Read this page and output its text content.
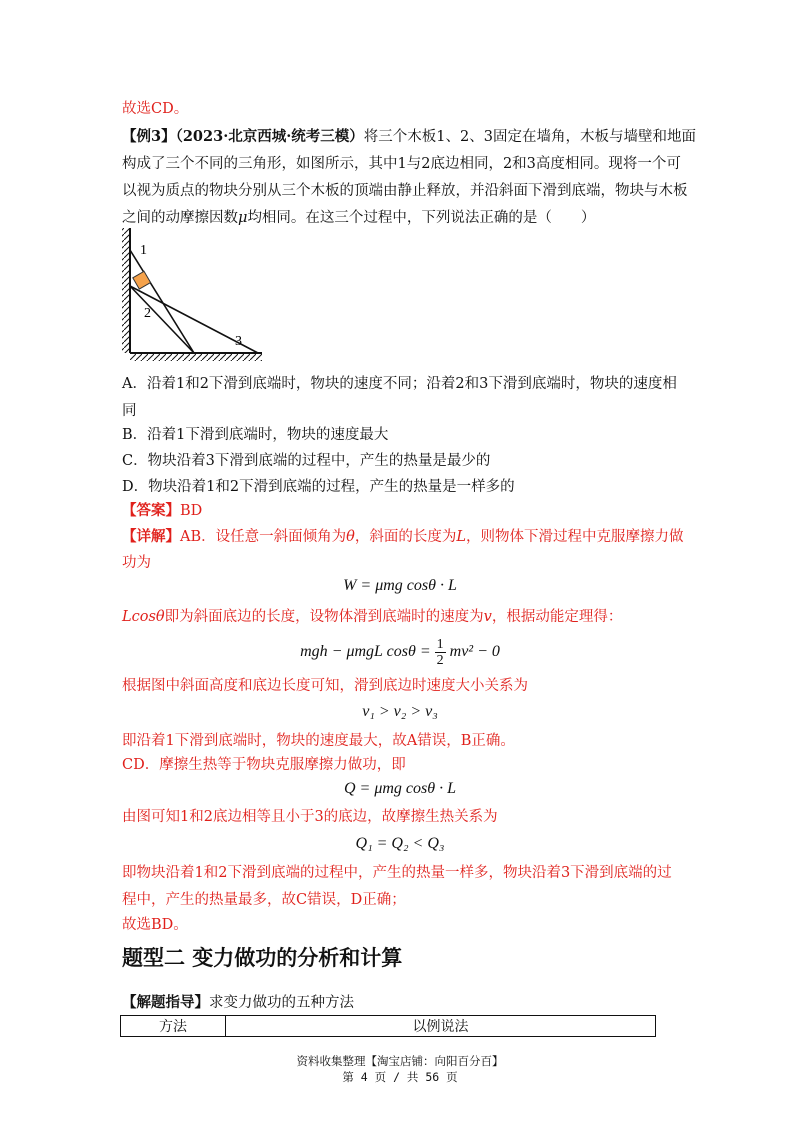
故选CD。
【例3】（2023·北京西城·统考三模）将三个木板1、2、3固定在墙角，木板与墙壁和地面
构成了三个不同的三角形，如图所示，其中1与2底边相同，2和3高度相同。现将一个可
以视为质点的物块分别从三个木板的顶端由静止释放，并沿斜面下滑到底端，物块与木板
之间的动摩擦因数μ均相同。在这三个过程中，下列说法正确的是（　　）
1
2
3
A．沿着1和2下滑到底端时，物块的速度不同；沿着2和3下滑到底端时，物块的速度相
同
B．沿着1下滑到底端时，物块的速度最大
C．物块沿着3下滑到底端的过程中，产生的热量是最少的
D．物块沿着1和2下滑到底端的过程，产生的热量是一样多的
【答案】BD
【详解】AB．设任意一斜面倾角为θ，斜面的长度为L，则物体下滑过程中克服摩擦力做
功为
W = μmg cosθ · L
Lcosθ即为斜面底边的长度，设物体滑到底端时的速度为v，根据动能定理得：
mgh − μmgL $\cos\theta = \frac{1}{2} mv^2 - 0$
根据图中斜面高度和底边长度可知，滑到底边时速度大小关系为
v₁ > v₂ > v₃
即沿着1下滑到底端时，物块的速度最大，故A错误，B正确。
CD．摩擦生热等于物块克服摩擦力做功，即
Q = μmg cosθ · L
由图可知1和2底边相等且小于3的底边，故摩擦生热关系为
Q₁ = Q₂ < Q₃
即物块沿着1和2下滑到底端的过程中，产生的热量一样多，物块沿着3下滑到底端的过
程中，产生的热量最多，故C错误，D正确；
故选BD。
题型二 变力做功的分析和计算
【解题指导】求变力做功的五种方法
方法	以例说法
资料收集整理【淘宝店铺：向阳百分百】
第 4 页 / 共 56 页
